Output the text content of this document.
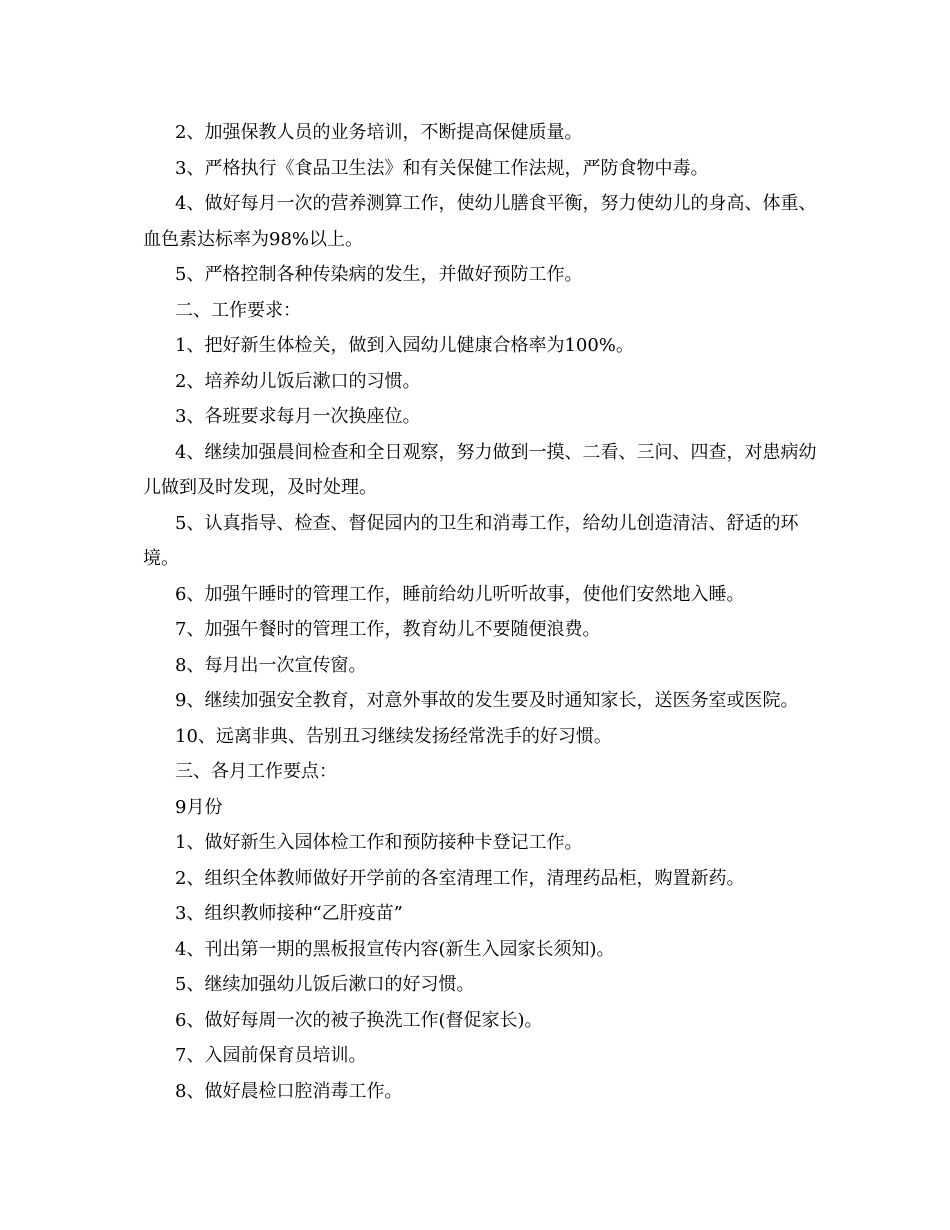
2、加强保教人员的业务培训，不断提高保健质量。

3、严格执行《食品卫生法》和有关保健工作法规，严防食物中毒。

4、做好每月一次的营养测算工作，使幼儿膳食平衡，努力使幼儿的身高、体重、血色素达标率为98%以上。

5、严格控制各种传染病的发生，并做好预防工作。

二、工作要求：

1、把好新生体检关，做到入园幼儿健康合格率为100%。

2、培养幼儿饭后漱口的习惯。

3、各班要求每月一次换座位。

4、继续加强晨间检查和全日观察，努力做到一摸、二看、三问、四查，对患病幼儿做到及时发现，及时处理。

5、认真指导、检查、督促园内的卫生和消毒工作，给幼儿创造清洁、舒适的环境。

6、加强午睡时的管理工作，睡前给幼儿听听故事，使他们安然地入睡。

7、加强午餐时的管理工作，教育幼儿不要随便浪费。

8、每月出一次宣传窗。

9、继续加强安全教育，对意外事故的发生要及时通知家长，送医务室或医院。

10、远离非典、告别丑习继续发扬经常洗手的好习惯。

三、各月工作要点：

9月份

1、做好新生入园体检工作和预防接种卡登记工作。

2、组织全体教师做好开学前的各室清理工作，清理药品柜，购置新药。

3、组织教师接种“乙肝疫苗”

4、刊出第一期的黑板报宣传内容(新生入园家长须知)。

5、继续加强幼儿饭后漱口的好习惯。

6、做好每周一次的被子换洗工作(督促家长)。

7、入园前保育员培训。

8、做好晨检口腔消毒工作。
